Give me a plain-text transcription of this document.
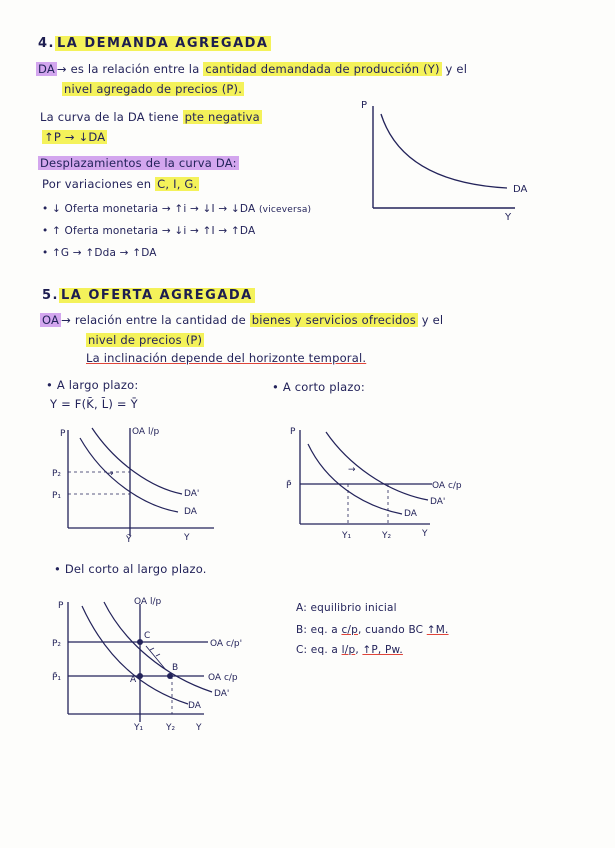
4. LA DEMANDA AGREGADA
DA → es la relación entre la cantidad demandada de producción (Y) y el
nivel agregado de precios (P).
La curva de la DA tiene pte negativa
↑P → ↓DA
Desplazamientos de la curva DA:
Por variaciones en C, I, G.
• ↓ Oferta monetaria → ↑i → ↓I → ↓DA (viceversa)
• ↑ Oferta monetaria → ↓i → ↑I → ↑DA
• ↑G → ↑Dda → ↑DA
P
DA
Y
5. LA OFERTA AGREGADA
OA → relación entre la cantidad de bienes y servicios ofrecidos y el
nivel de precios (P)
La inclinación depende del horizonte temporal.
• A largo plazo:
Y = F(K̄, L̄) = Ȳ
• A corto plazo:
P	OA l/p
P₂
P₁
→
DA'
DA
Ȳ	Y
P
OA c/p
P̄
→
DA
DA'
Y₁	Y₂	Y
• Del corto al largo plazo.
P	OA l/p
OA c/p'
OA c/p
P₂
P̄₁
DA'
DA
A
C
B
Y₁	Y₂ Y
A: equilibrio inicial
B: eq. a c/p, cuando BC ↑M.
C: eq. a l/p, ↑P, Pw.
